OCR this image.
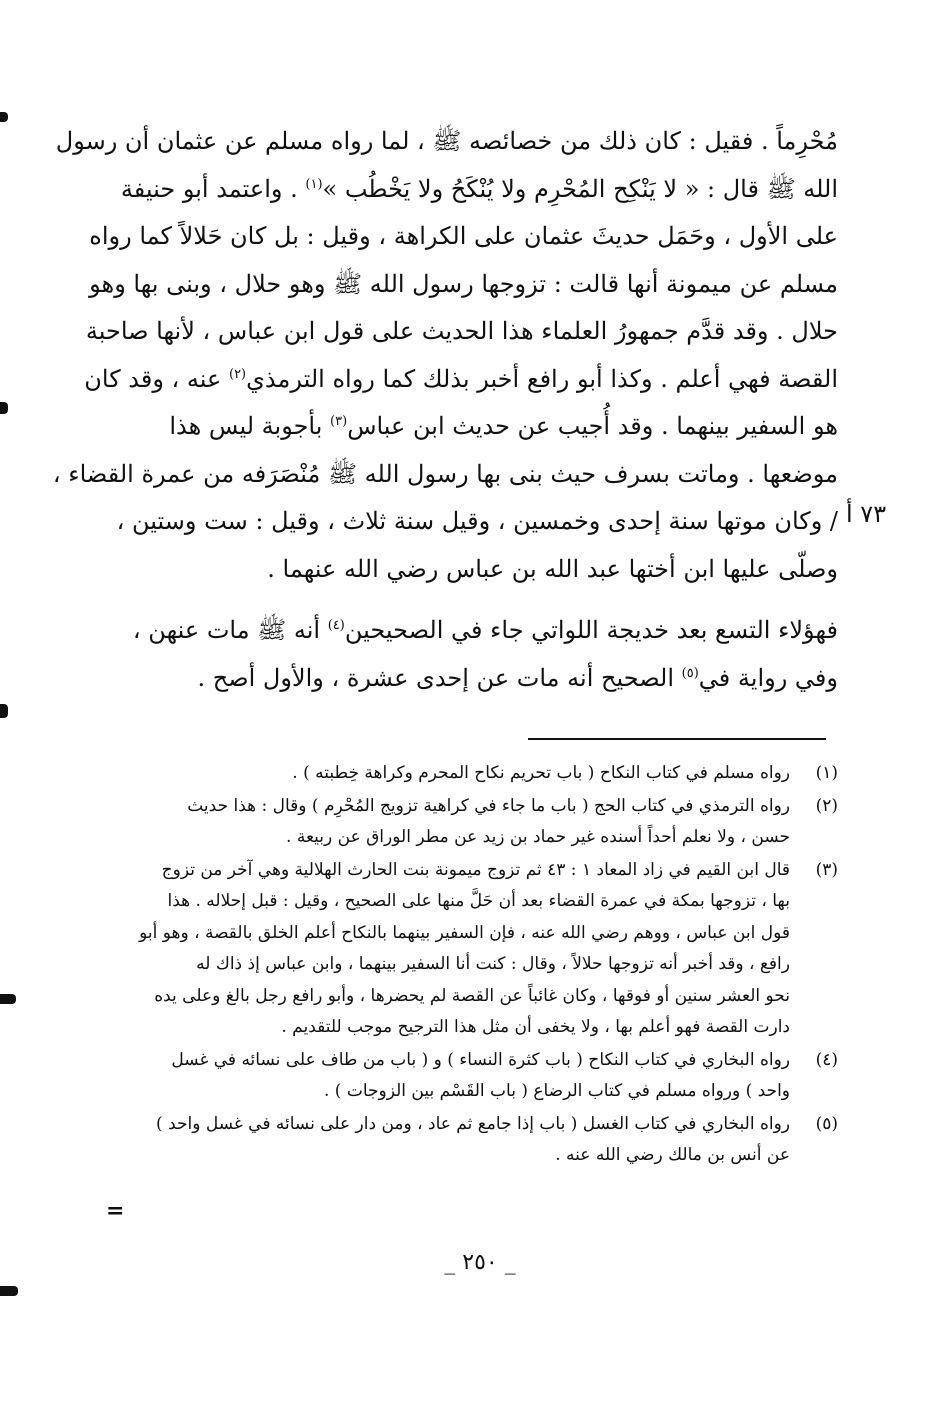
مُحْرِماً . فقيل : كان ذلك من خصائصه ﷺ ، لما رواه مسلم عن عثمان أن رسول
الله ﷺ قال : « لا يَنْكِح المُحْرِم ولا يُنْكَحُ ولا يَخْطُب »$^{(١)}$ . واعتمد أبو حنيفة
على الأول ، وحَمَل حديثَ عثمان على الكراهة ، وقيل : بل كان حَلالاً كما رواه
مسلم عن ميمونة أنها قالت : تزوجها رسول الله ﷺ وهو حلال ، وبنى بها وهو
حلال . وقد قدَّم جمهورُ العلماء هذا الحديث على قول ابن عباس ، لأنها صاحبة
القصة فهي أعلم . وكذا أبو رافع أخبر بذلك كما رواه الترمذي$^{(٢)}$ عنه ، وقد كان
هو السفير بينهما . وقد أُجيب عن حديث ابن عباس$^{(٣)}$ بأجوبة ليس هذا
موضعها . وماتت بسرف حيث بنى بها رسول الله ﷺ مُنْصَرَفه من عمرة القضاء ،
/ وكان موتها سنة إحدى وخمسين ، وقيل سنة ثلاث ، وقيل : ست وستين ،
وصلّى عليها ابن أختها عبد الله بن عباس رضي الله عنهما .

فهؤلاء التسع بعد خديجة اللواتي جاء في الصحيحين$^{(٤)}$ أنه ﷺ مات عنهن ،
وفي رواية في$^{(٥)}$ الصحيح أنه مات عن إحدى عشرة ، والأول أصح .

٧٣ أ
(١)
رواه مسلم في كتاب النكاح ( باب تحريم نكاح المحرم وكراهة خِطبته ) .
(٢)
رواه الترمذي في كتاب الحج ( باب ما جاء في كراهية تزويج المُحْرِم ) وقال : هذا حديث
حسن ، ولا نعلم أحداً أسنده غير حماد بن زيد عن مطر الوراق عن ربيعة .
(٣)
قال ابن القيم في زاد المعاد ١ : ٤٣ ثم تزوج ميمونة بنت الحارث الهلالية وهي آخر من تزوج
بها ، تزوجها بمكة في عمرة القضاء بعد أن حَلَّ منها على الصحيح ، وقيل : قبل إحلاله . هذا
قول ابن عباس ، ووهم رضي الله عنه ، فإن السفير بينهما بالنكاح أعلم الخلق بالقصة ، وهو أبو
رافع ، وقد أخبر أنه تزوجها حلالاً ، وقال : كنت أنا السفير بينهما ، وابن عباس إذ ذاك له
نحو العشر سنين أو فوقها ، وكان غائباً عن القصة لم يحضرها ، وأبو رافع رجل بالغ وعلى يده
دارت القصة فهو أعلم بها ، ولا يخفى أن مثل هذا الترجيح موجب للتقديم .
(٤)
رواه البخاري في كتاب النكاح ( باب كثرة النساء ) و ( باب من طاف على نسائه في غسل
واحد ) ورواه مسلم في كتاب الرضاع ( باب القَسْم بين الزوجات ) .
(٥)
رواه البخاري في كتاب الغسل ( باب إذا جامع ثم عاد ، ومن دار على نسائه في غسل واحد )
عن أنس بن مالك رضي الله عنه .
=
_ ٢٥٠ _
